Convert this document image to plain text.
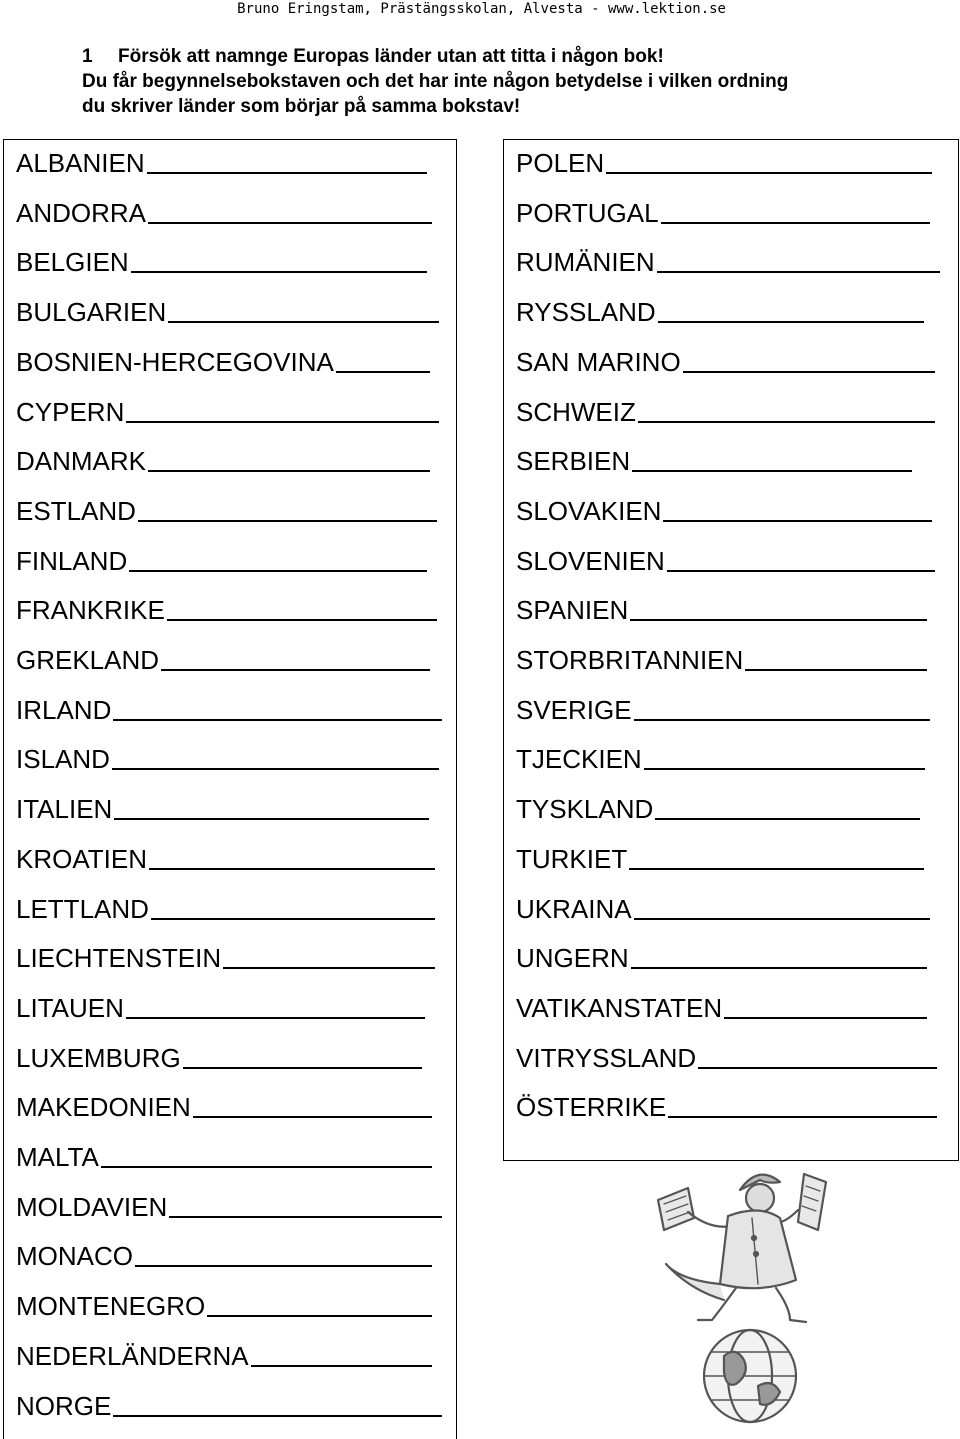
Bruno Eringstam, Prästängsskolan, Alvesta - www.lektion.se
1 Försök att namnge Europas länder utan att titta i någon bok!
Du får begynnelsebokstaven och det har inte någon betydelse i vilken ordning
du skriver länder som börjar på samma bokstav!
ALBANIEN
ANDORRA
BELGIEN
BULGARIEN
BOSNIEN-HERCEGOVINA
CYPERN
DANMARK
ESTLAND
FINLAND
FRANKRIKE
GREKLAND
IRLAND
ISLAND
ITALIEN
KROATIEN
LETTLAND
LIECHTENSTEIN
LITAUEN
LUXEMBURG
MAKEDONIEN
MALTA
MOLDAVIEN
MONACO
MONTENEGRO
NEDERLÄNDERNA
NORGE
POLEN
PORTUGAL
RUMÄNIEN
RYSSLAND
SAN MARINO
SCHWEIZ
SERBIEN
SLOVAKIEN
SLOVENIEN
SPANIEN
STORBRITANNIEN
SVERIGE
TJECKIEN
TYSKLAND
TURKIET
UKRAINA
UNGERN
VATIKANSTATEN
VITRYSSLAND
ÖSTERRIKE
